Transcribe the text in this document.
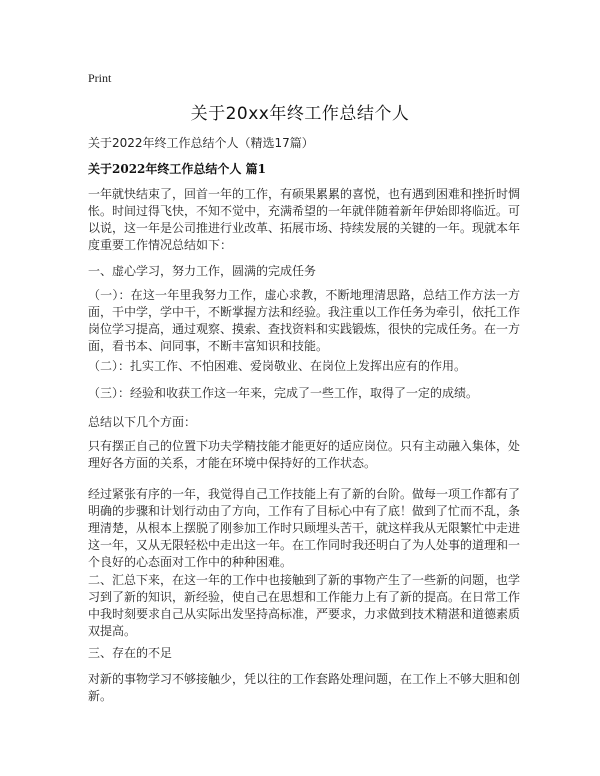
Print
关于20xx年终工作总结个人
关于2022年终工作总结个人（精选17篇）
关于2022年终工作总结个人 篇1
一年就快结束了，回首一年的工作，有硕果累累的喜悦，也有遇到困难和挫折时惆怅。时间过得飞快，不知不觉中，充满希望的一年就伴随着新年伊始即将临近。可以说，这一年是公司推进行业改革、拓展市场、持续发展的关键的一年。现就本年度重要工作情况总结如下：
一、虚心学习，努力工作，圆满的完成任务
（一）：在这一年里我努力工作，虚心求教，不断地理清思路，总结工作方法一方面，干中学，学中干，不断掌握方法和经验。我注重以工作任务为牵引，依托工作岗位学习提高，通过观察、摸索、查找资料和实践锻炼，很快的完成任务。在一方面，看书本、问同事，不断丰富知识和技能。
（二）：扎实工作、不怕困难、爱岗敬业、在岗位上发挥出应有的作用。
（三）：经验和收获工作这一年来，完成了一些工作，取得了一定的成绩。
总结以下几个方面：
只有摆正自己的位置下功夫学精技能才能更好的适应岗位。只有主动融入集体，处理好各方面的关系，才能在环境中保持好的工作状态。
经过紧张有序的一年，我觉得自己工作技能上有了新的台阶。做每一项工作都有了明确的步骤和计划行动由了方向，工作有了目标心中有了底！做到了忙而不乱，条理清楚，从根本上摆脱了刚参加工作时只顾埋头苦干，就这样我从无限繁忙中走进这一年，又从无限轻松中走出这一年。在工作同时我还明白了为人处事的道理和一个良好的心态面对工作中的种种困难。
二、汇总下来，在这一年的工作中也接触到了新的事物产生了一些新的问题，也学习到了新的知识，新经验，使自己在思想和工作能力上有了新的提高。在日常工作中我时刻要求自己从实际出发坚持高标准，严要求，力求做到技术精湛和道德素质双提高。
三、存在的不足
对新的事物学习不够接触少，凭以往的工作套路处理问题，在工作上不够大胆和创新。
